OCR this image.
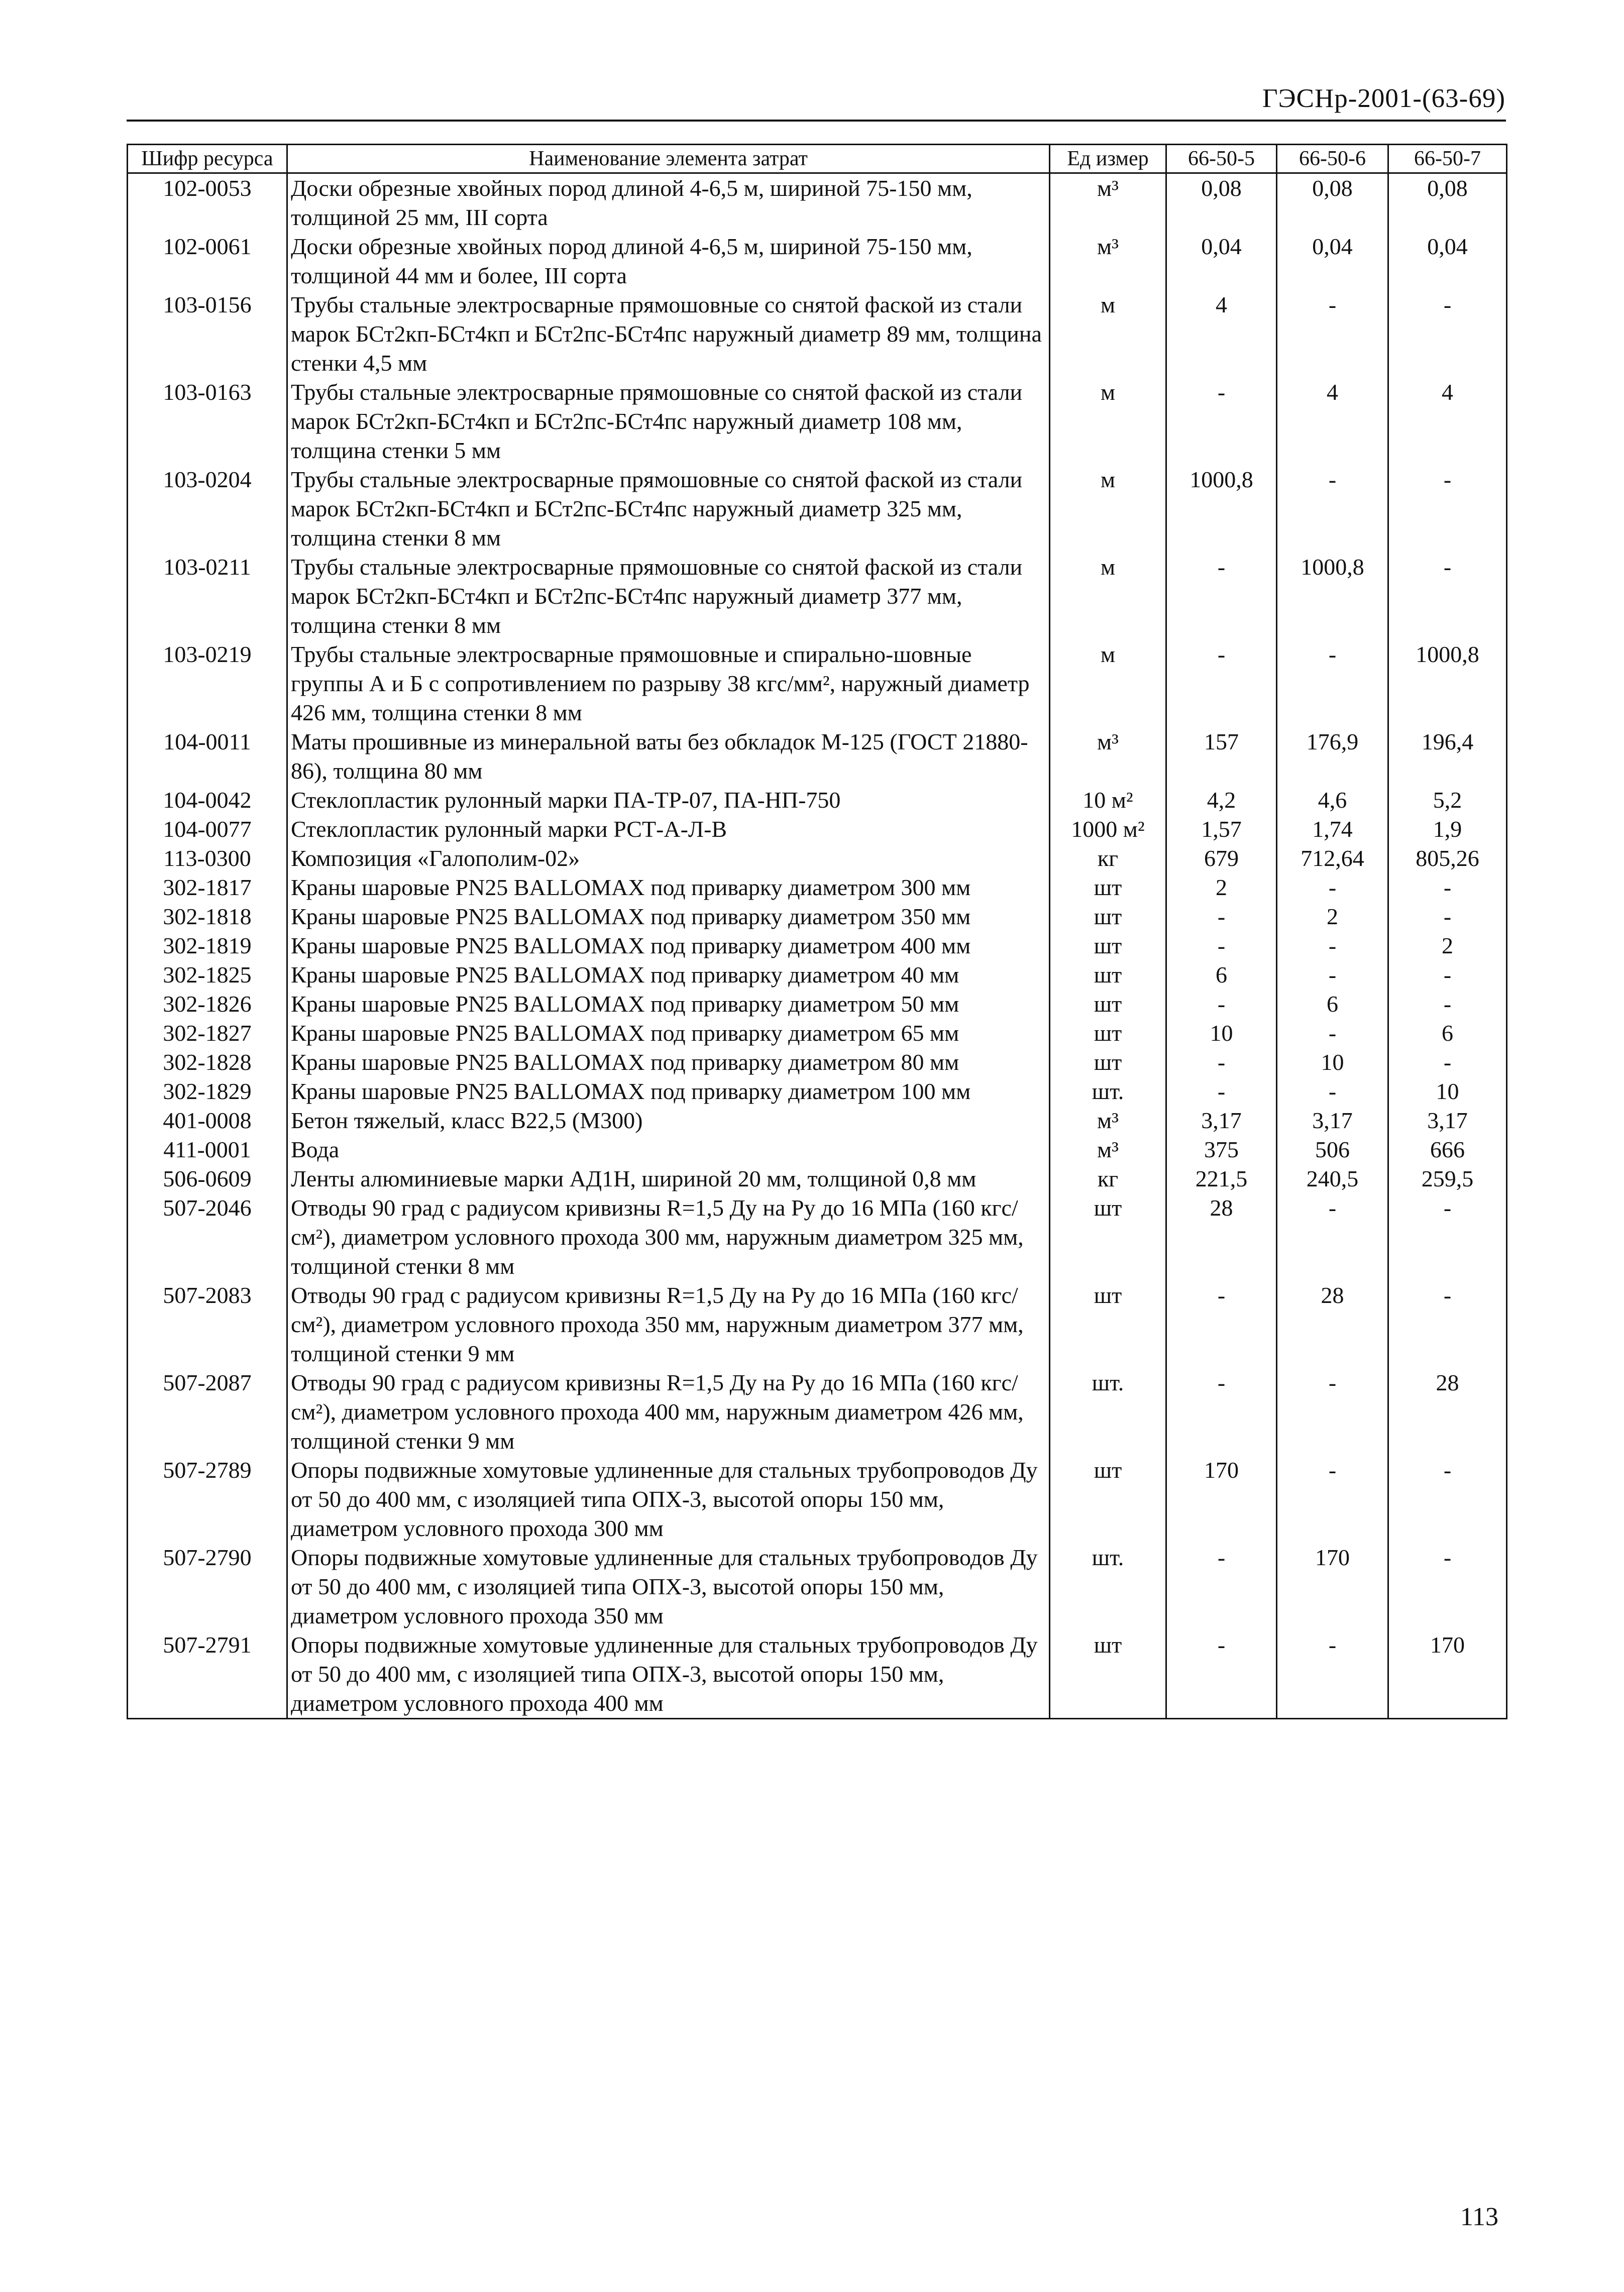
ГЭСНр-2001-(63-69)
Шифр ресурса	Наименование элемента затрат	Ед измер	66-50-5	66-50-6	66-50-7
102-0053	Доски обрезные хвойных пород длиной 4-6,5 м, шириной 75-150 мм, толщиной 25 мм, III сорта	м³	0,08	0,08	0,08
102-0061	Доски обрезные хвойных пород длиной 4-6,5 м, шириной 75-150 мм, толщиной 44 мм и более, III сорта	м³	0,04	0,04	0,04
103-0156	Трубы стальные электросварные прямошовные со снятой фаской из стали марок БСт2кп-БСт4кп и БСт2пс-БСт4пс наружный диаметр 89 мм, толщина стенки 4,5 мм	м	4	-	-
103-0163	Трубы стальные электросварные прямошовные со снятой фаской из стали марок БСт2кп-БСт4кп и БСт2пс-БСт4пс наружный диаметр 108 мм, толщина стенки 5 мм	м	-	4	4
103-0204	Трубы стальные электросварные прямошовные со снятой фаской из стали марок БСт2кп-БСт4кп и БСт2пс-БСт4пс наружный диаметр 325 мм, толщина стенки 8 мм	м	1000,8	-	-
103-0211	Трубы стальные электросварные прямошовные со снятой фаской из стали марок БСт2кп-БСт4кп и БСт2пс-БСт4пс наружный диаметр 377 мм, толщина стенки 8 мм	м	-	1000,8	-
103-0219	Трубы стальные электросварные прямошовные и спирально-шовные группы А и Б с сопротивлением по разрыву 38 кгс/мм², наружный диаметр 426 мм, толщина стенки 8 мм	м	-	-	1000,8
104-0011	Маты прошивные из минеральной ваты без обкладок М-125 (ГОСТ 21880-86), толщина 80 мм	м³	157	176,9	196,4
104-0042	Стеклопластик рулонный марки ПА-ТР-07, ПА-НП-750	10 м²	4,2	4,6	5,2
104-0077	Стеклопластик рулонный марки РСТ-А-Л-В	1000 м²	1,57	1,74	1,9
113-0300	Композиция «Галополим-02»	кг	679	712,64	805,26
302-1817	Краны шаровые PN25 BALLOMAX под приварку диаметром 300 мм	шт	2	-	-
302-1818	Краны шаровые PN25 BALLOMAX под приварку диаметром 350 мм	шт	-	2	-
302-1819	Краны шаровые PN25 BALLOMAX под приварку диаметром 400 мм	шт	-	-	2
302-1825	Краны шаровые PN25 BALLOMAX под приварку диаметром 40 мм	шт	6	-	-
302-1826	Краны шаровые PN25 BALLOMAX под приварку диаметром 50 мм	шт	-	6	-
302-1827	Краны шаровые PN25 BALLOMAX под приварку диаметром 65 мм	шт	10	-	6
302-1828	Краны шаровые PN25 BALLOMAX под приварку диаметром 80 мм	шт	-	10	-
302-1829	Краны шаровые PN25 BALLOMAX под приварку диаметром 100 мм	шт.	-	-	10
401-0008	Бетон тяжелый, класс В22,5 (М300)	м³	3,17	3,17	3,17
411-0001	Вода	м³	375	506	666
506-0609	Ленты алюминиевые марки АД1Н, шириной 20 мм, толщиной 0,8 мм	кг	221,5	240,5	259,5
507-2046	Отводы 90 град с радиусом кривизны R=1,5 Ду на Ру до 16 МПа (160 кгс/см²), диаметром условного прохода 300 мм, наружным диаметром 325 мм, толщиной стенки 8 мм	шт	28	-	-
507-2083	Отводы 90 град с радиусом кривизны R=1,5 Ду на Ру до 16 МПа (160 кгс/см²), диаметром условного прохода 350 мм, наружным диаметром 377 мм, толщиной стенки 9 мм	шт	-	28	-
507-2087	Отводы 90 град с радиусом кривизны R=1,5 Ду на Ру до 16 МПа (160 кгс/см²), диаметром условного прохода 400 мм, наружным диаметром 426 мм, толщиной стенки 9 мм	шт.	-	-	28
507-2789	Опоры подвижные хомутовые удлиненные для стальных трубопроводов Ду от 50 до 400 мм, с изоляцией типа ОПХ-3, высотой опоры 150 мм, диаметром условного прохода 300 мм	шт	170	-	-
507-2790	Опоры подвижные хомутовые удлиненные для стальных трубопроводов Ду от 50 до 400 мм, с изоляцией типа ОПХ-3, высотой опоры 150 мм, диаметром условного прохода 350 мм	шт.	-	170	-
507-2791	Опоры подвижные хомутовые удлиненные для стальных трубопроводов Ду от 50 до 400 мм, с изоляцией типа ОПХ-3, высотой опоры 150 мм, диаметром условного прохода 400 мм	шт	-	-	170
113
